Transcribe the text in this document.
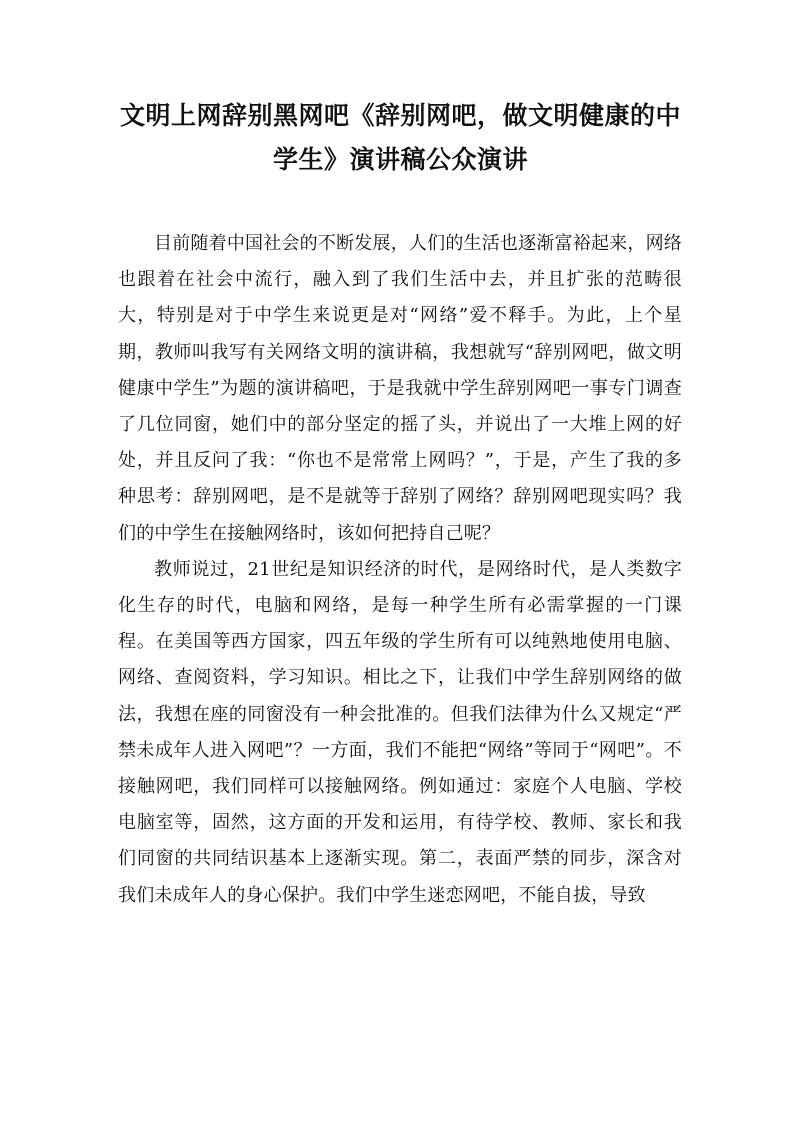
文明上网辞别黑网吧《辞别网吧，做文明健康的中学生》演讲稿公众演讲

目前随着中国社会的不断发展，人们的生活也逐渐富裕起来，网络也跟着在社会中流行，融入到了我们生活中去，并且扩张的范畴很大，特别是对于中学生来说更是对“网络”爱不释手。为此，上个星期，教师叫我写有关网络文明的演讲稿，我想就写“辞别网吧，做文明健康中学生”为题的演讲稿吧，于是我就中学生辞别网吧一事专门调查了几位同窗，她们中的部分坚定的摇了头，并说出了一大堆上网的好处，并且反问了我：“你也不是常常上网吗？”，于是，产生了我的多种思考：辞别网吧，是不是就等于辞别了网络？辞别网吧现实吗？我们的中学生在接触网络时，该如何把持自己呢？

教师说过，21世纪是知识经济的时代，是网络时代，是人类数字化生存的时代，电脑和网络，是每一种学生所有必需掌握的一门课程。在美国等西方国家，四五年级的学生所有可以纯熟地使用电脑、网络、查阅资料，学习知识。相比之下，让我们中学生辞别网络的做法，我想在座的同窗没有一种会批准的。但我们法律为什么又规定“严禁未成年人进入网吧”？一方面，我们不能把“网络”等同于“网吧”。不接触网吧，我们同样可以接触网络。例如通过：家庭个人电脑、学校电脑室等，固然，这方面的开发和运用，有待学校、教师、家长和我们同窗的共同结识基本上逐渐实现。第二，表面严禁的同步，深含对我们未成年人的身心保护。我们中学生迷恋网吧，不能自拔，导致
